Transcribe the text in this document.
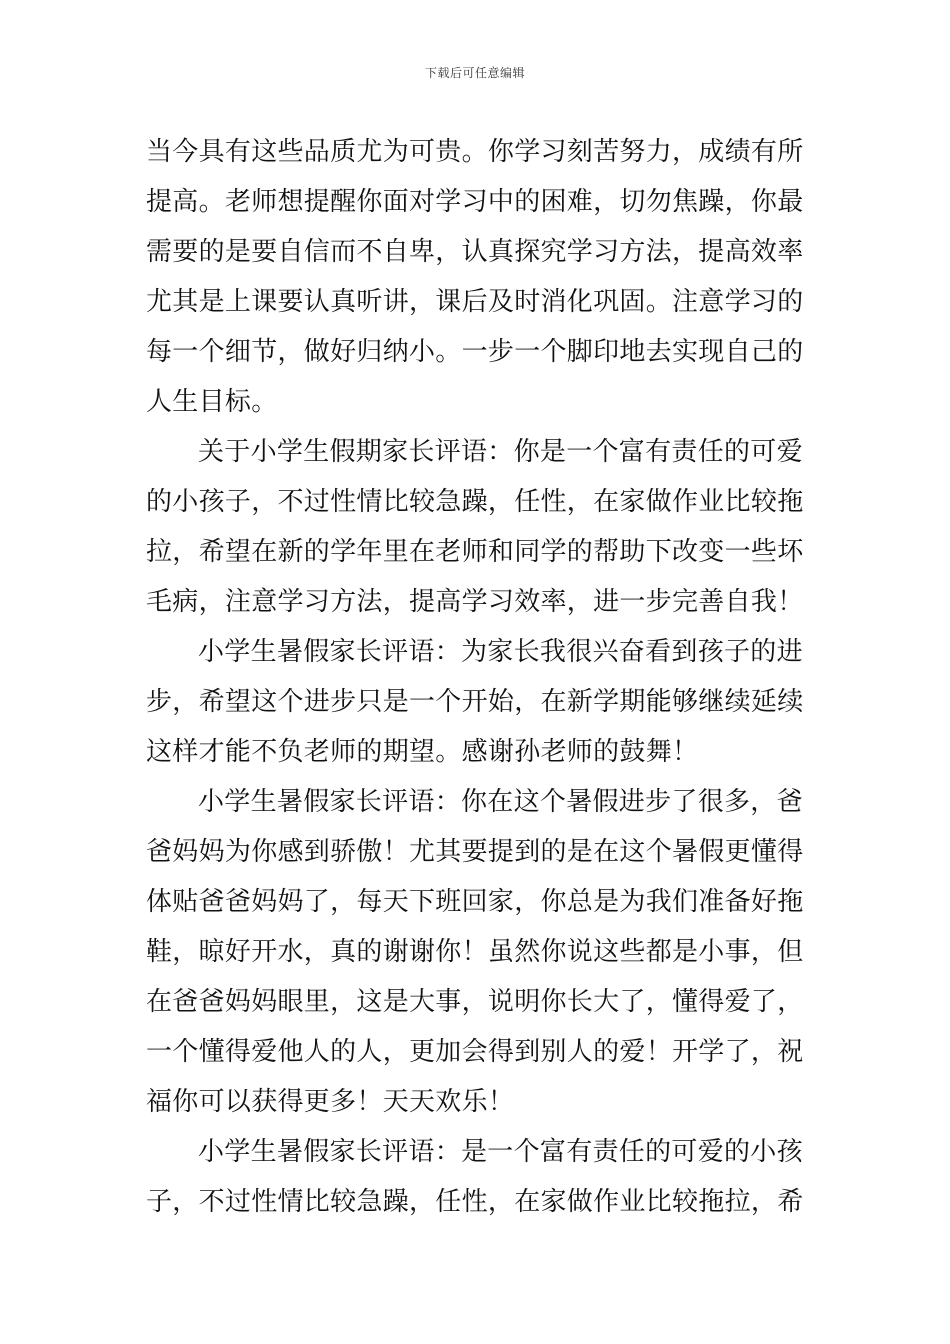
下载后可任意编辑
当今具有这些品质尤为可贵。你学习刻苦努力，成绩有所
提高。老师想提醒你面对学习中的困难，切勿焦躁，你最
需要的是要自信而不自卑，认真探究学习方法，提高效率
尤其是上课要认真听讲，课后及时消化巩固。注意学习的
每一个细节，做好归纳小。一步一个脚印地去实现自己的
人生目标。
关于小学生假期家长评语：你是一个富有责任的可爱
的小孩子，不过性情比较急躁，任性，在家做作业比较拖
拉，希望在新的学年里在老师和同学的帮助下改变一些坏
毛病，注意学习方法，提高学习效率，进一步完善自我！
小学生暑假家长评语：为家长我很兴奋看到孩子的进
步，希望这个进步只是一个开始，在新学期能够继续延续
这样才能不负老师的期望。感谢孙老师的鼓舞！
小学生暑假家长评语：你在这个暑假进步了很多，爸
爸妈妈为你感到骄傲！尤其要提到的是在这个暑假更懂得
体贴爸爸妈妈了，每天下班回家，你总是为我们准备好拖
鞋，晾好开水，真的谢谢你！虽然你说这些都是小事，但
在爸爸妈妈眼里，这是大事，说明你长大了，懂得爱了，
一个懂得爱他人的人，更加会得到别人的爱！开学了，祝
福你可以获得更多！天天欢乐！
小学生暑假家长评语：是一个富有责任的可爱的小孩
子，不过性情比较急躁，任性，在家做作业比较拖拉，希
